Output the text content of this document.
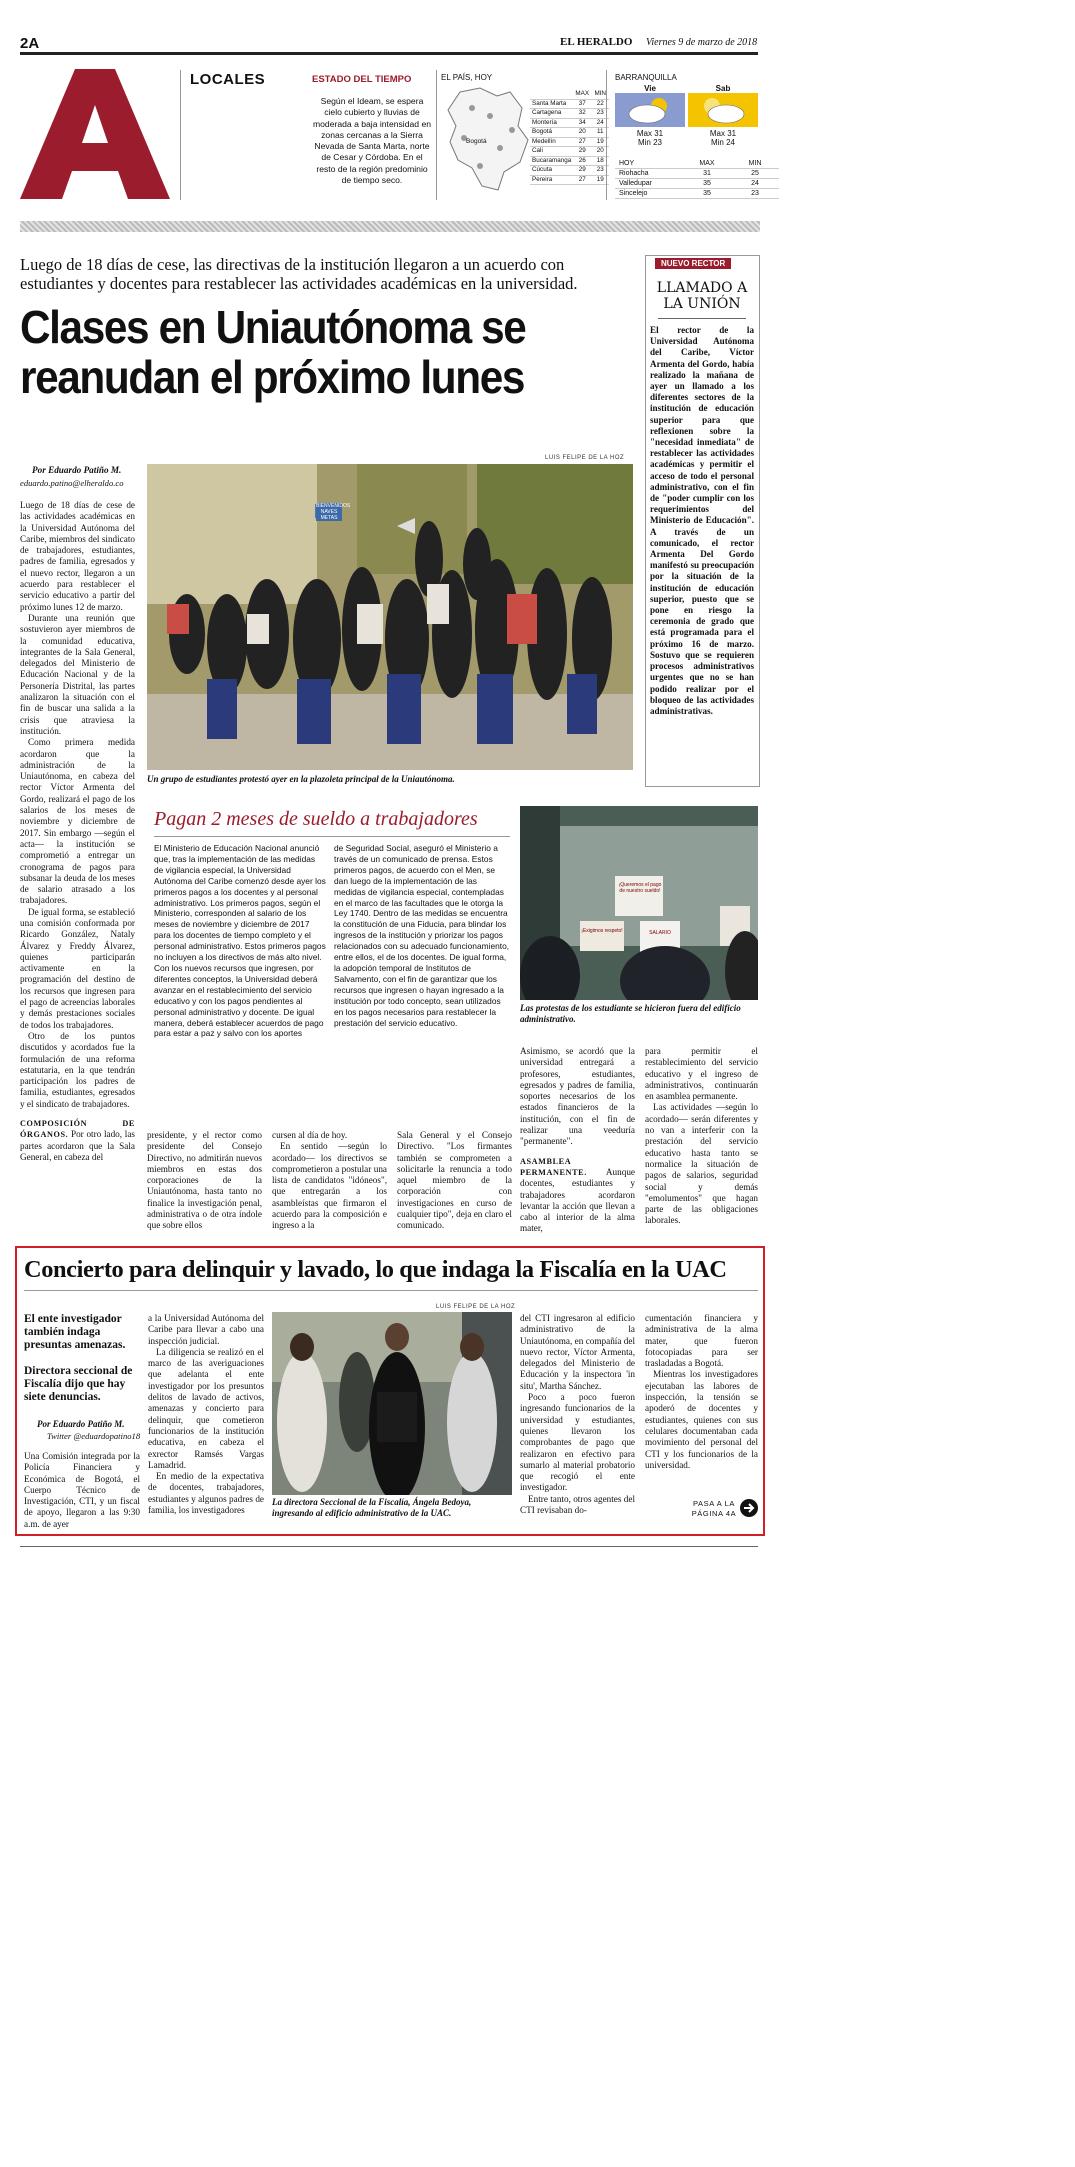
2A	EL HERALDO Viernes 9 de marzo de 2018
LOCALES	ESTADO DEL TIEMPO
Según el Ideam, se espera cielo cubierto y lluvias de moderada a baja intensidad en zonas cercanas a la Sierra Nevada de Santa Marta, norte de Cesar y Córdoba. En el resto de la región predominio de tiempo seco.
EL PAÍS, HOY
Bogotá
	MAX	MIN
Santa Marta	37	22
Cartagena	32	23
Montería	34	24
Bogotá	20	11
Medellín	27	19
Cali	29	20
Bucaramanga	26	18
Cúcuta	29	23
Pereira	27	19
BARRANQUILLA
Vie
Max 31
Min 23
Sab
Max 31
Min 24
HOY	MAX	MIN
Riohacha	31	25
Valledupar	35	24
Sincelejo	35	23
Luego de 18 días de cese, las directivas de la institución llegaron a un acuerdo con estudiantes y docentes para restablecer las actividades académicas en la universidad.
Clases en Uniautónoma se reanudan el próximo lunes
NUEVO RECTOR
LLAMADO A LA UNIÓN
El rector de la Universidad Autónoma del Caribe, Víctor Armenta del Gordo, había realizado la mañana de ayer un llamado a los diferentes sectores de la institución de educación superior para que reflexionen sobre la "necesidad inmediata" de restablecer las actividades académicas y permitir el acceso de todo el personal administrativo, con el fin de "poder cumplir con los requerimientos del Ministerio de Educación". A través de un comunicado, el rector Armenta Del Gordo manifestó su preocupación por la situación de la institución de educación superior, puesto que se pone en riesgo la ceremonia de grado que está programada para el próximo 16 de marzo. Sostuvo que se requieren procesos administrativos urgentes que no se han podido realizar por el bloqueo de las actividades administrativas.
Por Eduardo Patiño M.
eduardo.patino@elheraldo.co
LUIS FELIPE DE LA HOZ
BIENVENIDOS NAVES METAS
Un grupo de estudiantes protestó ayer en la plazoleta principal de la Uniautónoma.

Luego de 18 días de cese de las actividades académicas en la Universidad Autónoma del Caribe, miembros del sindicato de trabajadores, estudiantes, padres de familia, egresados y el nuevo rector, llegaron a un acuerdo para restablecer el servicio educativo a partir del próximo lunes 12 de marzo.

Durante una reunión que sostuvieron ayer miembros de la comunidad educativa, integrantes de la Sala General, delegados del Ministerio de Educación Nacional y de la Personería Distrital, las partes analizaron la situación con el fin de buscar una salida a la crisis que atraviesa la institución.

Como primera medida acordaron que la administración de la Uniautónoma, en cabeza del rector Víctor Armenta del Gordo, realizará el pago de los salarios de los meses de noviembre y diciembre de 2017. Sin embargo —según el acta— la institución se comprometió a entregar un cronograma de pagos para subsanar la deuda de los meses de salario atrasado a los trabajadores.

De igual forma, se estableció una comisión conformada por Ricardo González, Nataly Álvarez y Freddy Álvarez, quienes participarán activamente en la programación del destino de los recursos que ingresen para el pago de acreencias laborales y demás prestaciones sociales de todos los trabajadores.

Otro de los puntos discutidos y acordados fue la formulación de una reforma estatutaria, en la que tendrán participación los padres de familia, estudiantes, egresados y el sindicato de trabajadores.

COMPOSICIÓN DE ÓRGANOS. Por otro lado, las partes acordaron que la Sala General, en cabeza del

Pagan 2 meses de sueldo a trabajadores
El Ministerio de Educación Nacional anunció que, tras la implementación de las medidas de vigilancia especial, la Universidad Autónoma del Caribe comenzó desde ayer los primeros pagos a los docentes y al personal administrativo. Los primeros pagos, según el Ministerio, corresponden al salario de los meses de noviembre y diciembre de 2017 para los docentes de tiempo completo y el personal administrativo. Estos primeros pagos no incluyen a los directivos de más alto nivel. Con los nuevos recursos que ingresen, por diferentes conceptos, la Universidad deberá avanzar en el restablecimiento del servicio educativo y con los pagos pendientes al personal administrativo y docente. De igual manera, deberá establecer acuerdos de pago para estar a paz y salvo con los aportes
de Seguridad Social, aseguró el Ministerio a través de un comunicado de prensa. Estos primeros pagos, de acuerdo con el Men, se dan luego de la implementación de las medidas de vigilancia especial, contempladas en el marco de las facultades que le otorga la Ley 1740. Dentro de las medidas se encuentra la constitución de una Fiducia, para blindar los ingresos de la institución y priorizar los pagos relacionados con su adecuado funcionamiento, entre ellos, el de los docentes. De igual forma, la adopción temporal de Institutos de Salvamento, con el fin de garantizar que los recursos que ingresen o hayan ingresado a la institución por todo concepto, sean utilizados en los pagos necesarios para restablecer la prestación del servicio educativo.
¡Queremos el pago de nuestro sueldo!
¡Exigimos respeto!	SALARIO
Las protestas de los estudiante se hicieron fuera del edificio administrativo.
presidente, y el rector como presidente del Consejo Directivo, no admitirán nuevos miembros en estas dos corporaciones de la Uniautónoma, hasta tanto no finalice la investigación penal, administrativa o de otra índole que sobre ellos

cursen al día de hoy.

En sentido —según lo acordado— los directivos se comprometieron a postular una lista de candidatos "idóneos", que entregarán a los asambleístas que firmaron el acuerdo para la composición e ingreso a la

Sala General y el Consejo Directivo. "Los firmantes también se comprometen a solicitarle la renuncia a todo aquel miembro de la corporación con investigaciones en curso de cualquier tipo", deja en claro el comunicado.

Asimismo, se acordó que la universidad entregará a profesores, estudiantes, egresados y padres de familia, soportes necesarios de los estados financieros de la institución, con el fin de realizar una veeduría "permanente".

ASAMBLEA PERMANENTE. Aunque docentes, estudiantes y trabajadores acordaron levantar la acción que llevan a cabo al interior de la alma mater,

para permitir el restablecimiento del servicio educativo y el ingreso de administrativos, continuarán en asamblea permanente.

Las actividades —según lo acordado— serán diferentes y no van a interferir con la prestación del servicio educativo hasta tanto se normalice la situación de pagos de salarios, seguridad social y demás "emolumentos" que hagan parte de las obligaciones laborales.

Concierto para delinquir y lavado, lo que indaga la Fiscalía en la UAC
El ente investigador también indaga presuntas amenazas.
Directora seccional de Fiscalía dijo que hay siete denuncias.
Por Eduardo Patiño M.
Twitter @eduardopatino18
Una Comisión integrada por la Policía Financiera y Económica de Bogotá, el Cuerpo Técnico de Investigación, CTI, y un fiscal de apoyo, llegaron a las 9:30 a.m. de ayer

a la Universidad Autónoma del Caribe para llevar a cabo una inspección judicial.

La diligencia se realizó en el marco de las averiguaciones que adelanta el ente investigador por los presuntos delitos de lavado de activos, amenazas y concierto para delinquir, que cometieron funcionarios de la institución educativa, en cabeza el exrector Ramsés Vargas Lamadrid.

En medio de la expectativa de docentes, trabajadores, estudiantes y algunos padres de familia, los investigadores

LUIS FELIPE DE LA HOZ
La directora Seccional de la Fiscalía, Ángela Bedoya, ingresando al edificio administrativo de la UAC.

del CTI ingresaron al edificio administrativo de la Uniautónoma, en compañía del nuevo rector, Víctor Armenta, delegados del Ministerio de Educación y la inspectora 'in situ', Martha Sánchez.

Poco a poco fueron ingresando funcionarios de la universidad y estudiantes, quienes llevaron los comprobantes de pago que realizaron en efectivo para sumarlo al material probatorio que recogió el ente investigador.

Entre tanto, otros agentes del CTI revisaban do-

cumentación financiera y administrativa de la alma mater, que fueron fotocopiadas para ser trasladadas a Bogotá.

Mientras los investigadores ejecutaban las labores de inspección, la tensión se apoderó de docentes y estudiantes, quienes con sus celulares documentaban cada movimiento del personal del CTI y los funcionarios de la universidad.

PASA A LA PÁGINA 4A
